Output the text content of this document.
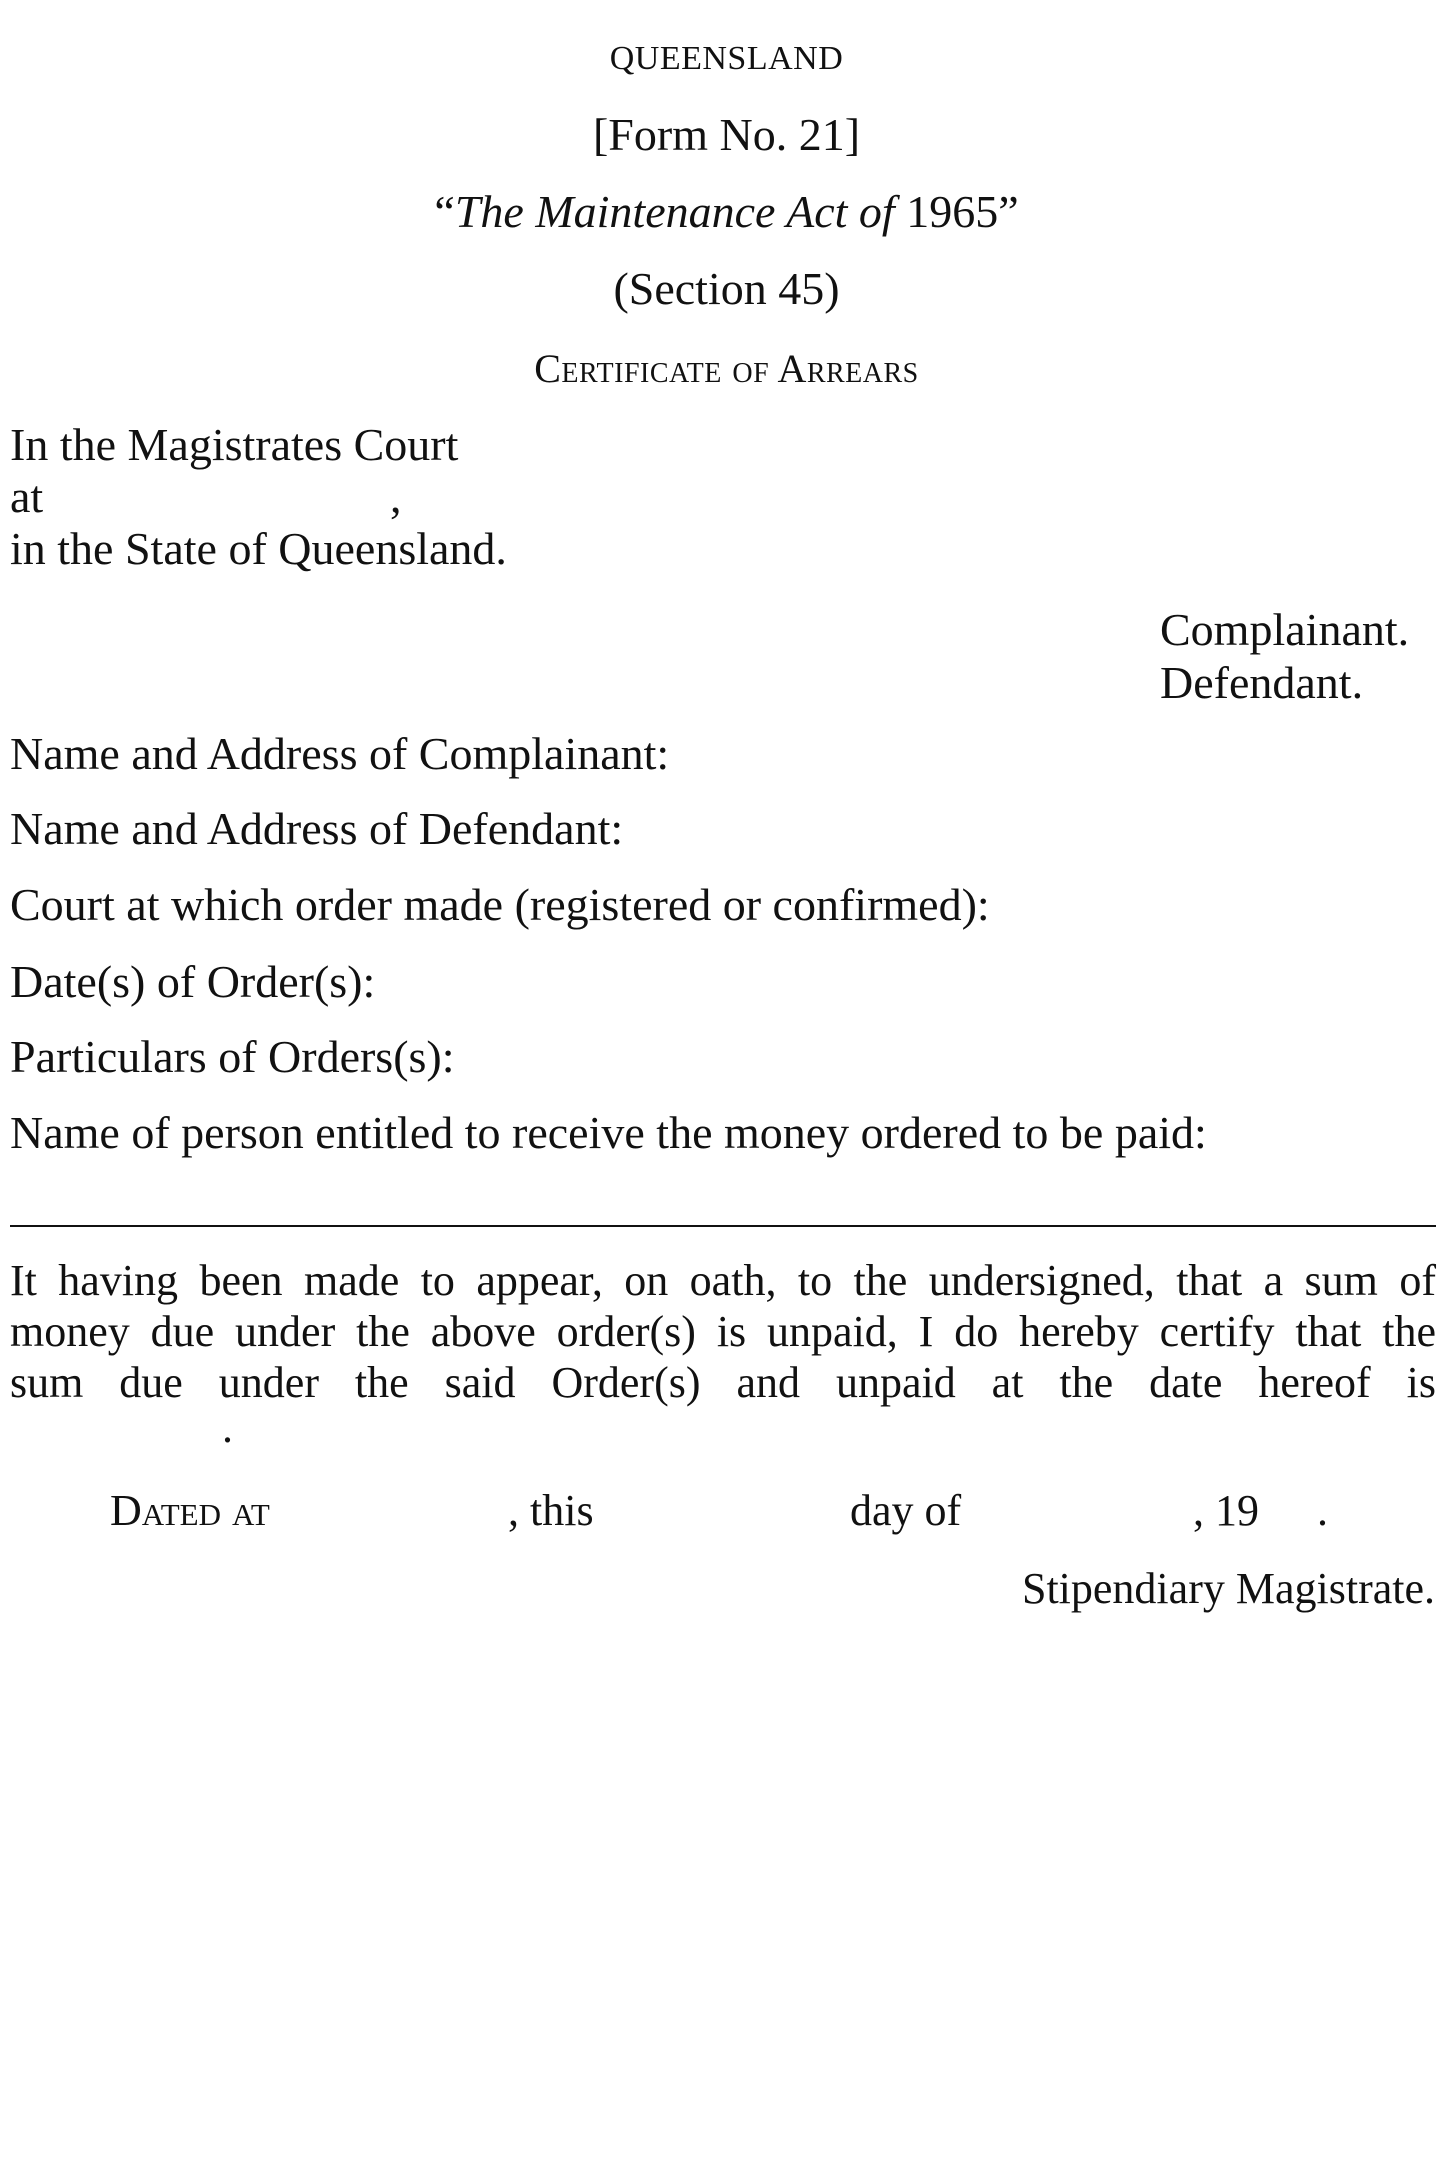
QUEENSLAND
[Form No. 21]
“The Maintenance Act of 1965”
(Section 45)
Certificate of Arrears
In the Magistrates Court
at	,
in the State of Queensland.
Complainant.
Defendant.
Name and Address of Complainant:
Name and Address of Defendant:
Court at which order made (registered or confirmed):
Date(s) of Order(s):
Particulars of Orders(s):
Name of person entitled to receive the money ordered to be paid:
It having been made to appear, on oath, to the undersigned, that a sum of
money due under the above order(s) is unpaid, I do hereby certify that the
sum due under the said Order(s) and unpaid at the date hereof is
.
Dated at	, this	day of	, 19 .
Stipendiary Magistrate.
